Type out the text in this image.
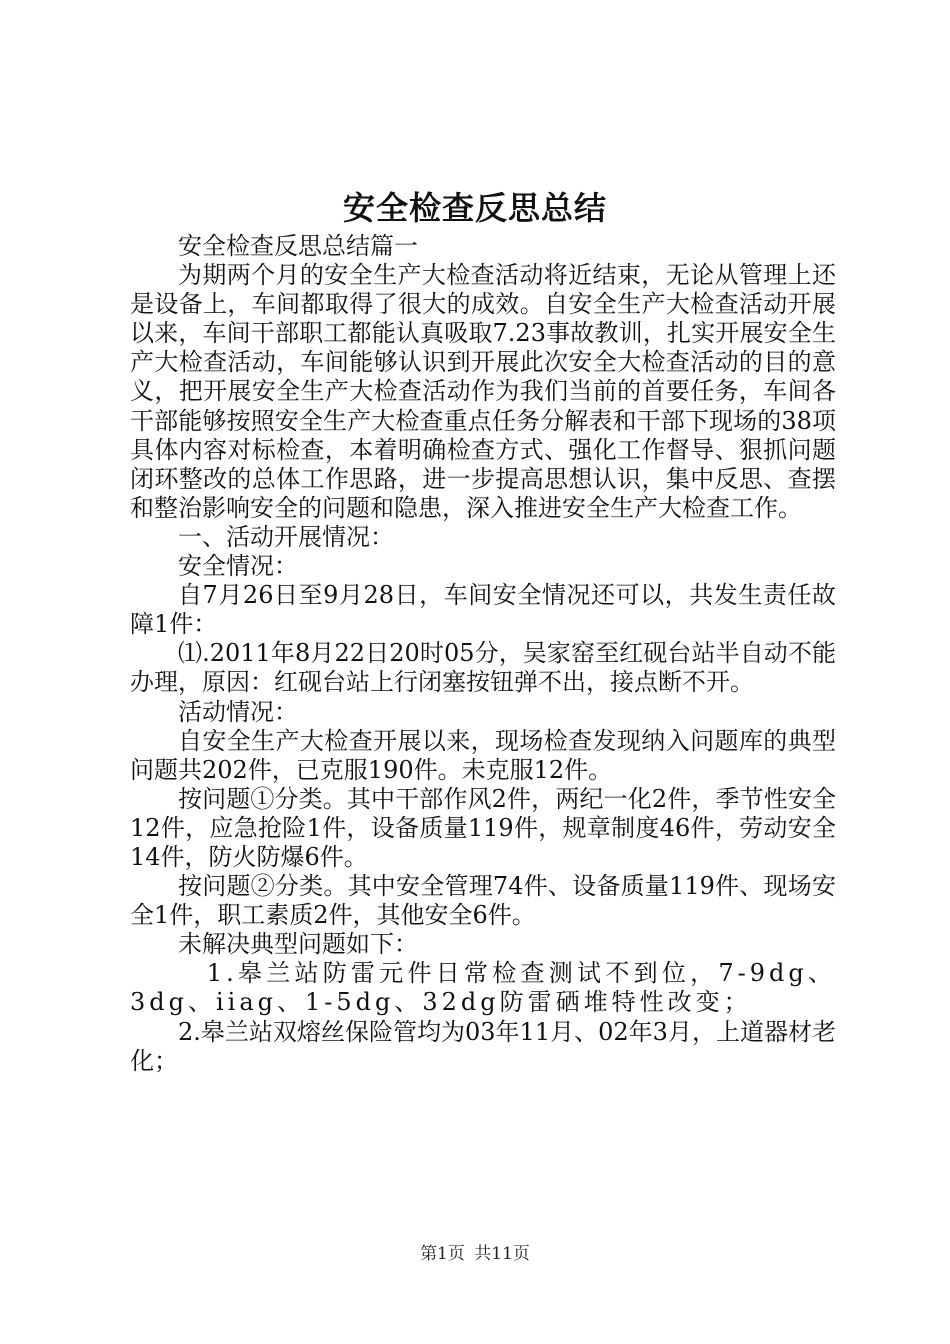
安全检查反思总结

安全检查反思总结篇一

为期两个月的安全生产大检查活动将近结束，无论从管理上还是设备上，车间都取得了很大的成效。自安全生产大检查活动开展以来，车间干部职工都能认真吸取7.23事故教训，扎实开展安全生产大检查活动，车间能够认识到开展此次安全大检查活动的目的意义，把开展安全生产大检查活动作为我们当前的首要任务，车间各干部能够按照安全生产大检查重点任务分解表和干部下现场的38项具体内容对标检查，本着明确检查方式、强化工作督导、狠抓问题闭环整改的总体工作思路，进一步提高思想认识，集中反思、查摆和整治影响安全的问题和隐患，深入推进安全生产大检查工作。

一、活动开展情况：

安全情况：

自7月26日至9月28日，车间安全情况还可以，共发生责任故障1件：

⑴.2011年8月22日20时05分，吴家窑至红砚台站半自动不能办理，原因：红砚台站上行闭塞按钮弹不出，接点断不开。

活动情况：

自安全生产大检查开展以来，现场检查发现纳入问题库的典型问题共202件，已克服190件。未克服12件。

按问题①分类。其中干部作风2件，两纪一化2件，季节性安全12件，应急抢险1件，设备质量119件，规章制度46件，劳动安全14件，防火防爆6件。

按问题②分类。其中安全管理74件、设备质量119件、现场安全1件，职工素质2件，其他安全6件。

未解决典型问题如下：

1.皋兰站防雷元件日常检查测试不到位，7-9dg、3dg、iiag、1-5dg、32dg防雷硒堆特性改变；

2.皋兰站双熔丝保险管均为03年11月、02年3月，上道器材老化；

第1页 共11页
